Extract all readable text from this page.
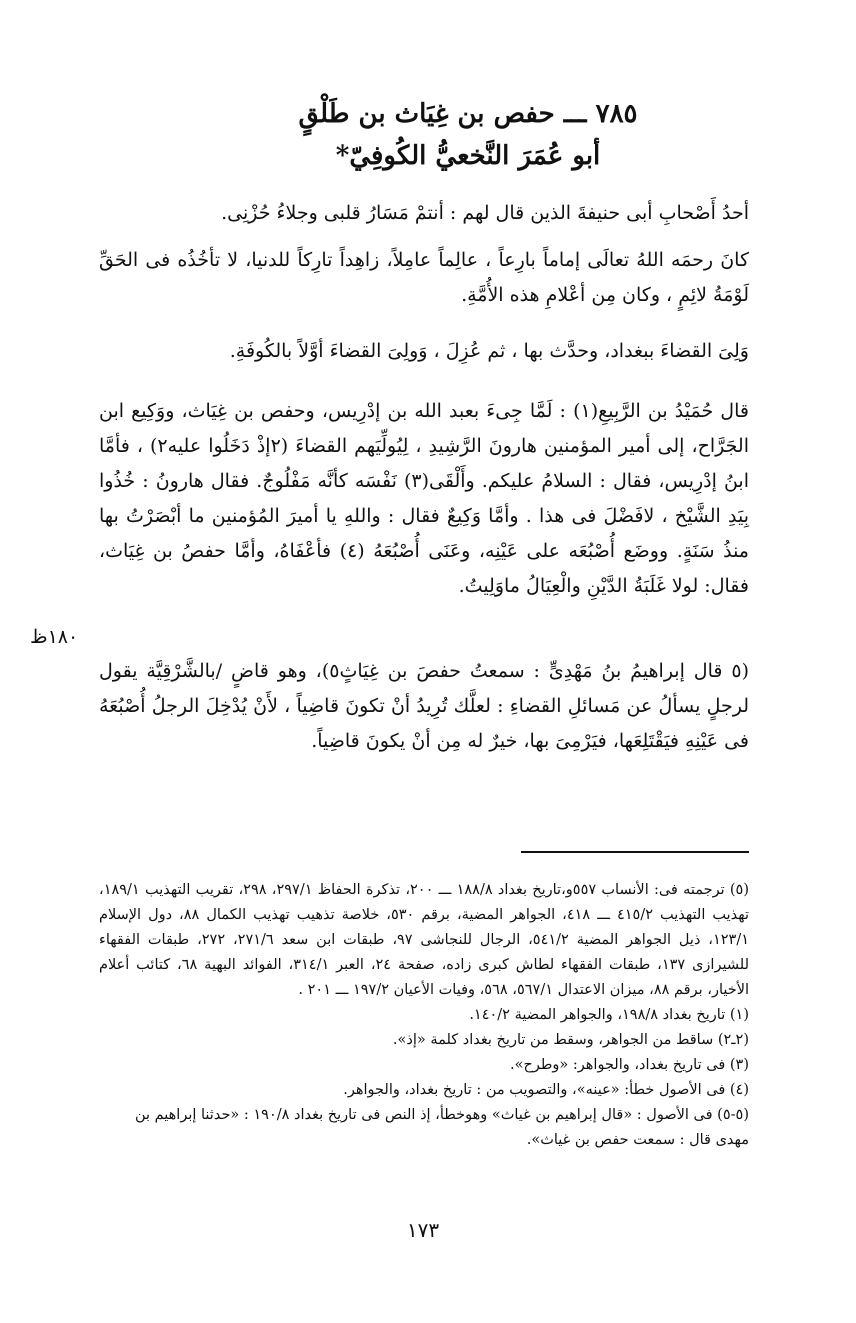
٧٨٥ ـــ حفص بن غِيَاث بن طَلْقٍ
أبو عُمَرَ النَّخعيُّ الكُوفِيّ*
أحدُ أَصْحابِ أبى حنيفةَ الذين قال لهم : أنتمْ مَسَارُ قلبى وجلاءُ حُزْنِى.
كانَ رحمَه اللهُ تعالَى إماماً بارِعاً ، عالِماً عامِلاً، زاهِداً تارِكاً للدنيا، لا تأخُذُه فى الحَقِّ لَوْمَةُ لائِمٍ ، وكان مِن أعْلامِ هذه الأُمَّةِ.
وَلِىَ القضاءَ ببغداد، وحدَّث بها ، ثم عُزِلَ ، وَولِىَ القضاءَ أوَّلاً بالكُوفَةِ.
قال حُمَيْدُ بن الرَّبِيعِ(١) : لَمَّا جِىءَ بعبد الله بن إدْرِيس، وحفص بن غِيَاث، ووَكِيع ابن الجَرَّاح، إلى أمير المؤمنين هارونَ الرَّشِيدِ ، لِيُولِّيَهم القضاءَ (٢إذْ دَخَلُوا عليه٢) ، فأمَّا ابنُ إدْرِيس، فقال : السلامُ عليكم. وأَلْقَى(٣) نَفْسَه كأنَّه مَفْلُوجٌ. فقال هارونُ : خُذُوا بِيَدِ الشَّيْخ ، لافَضْلَ فى هذا . وأمَّا وَكِيعٌ فقال : واللهِ يا أميرَ المُؤمنين ما أبْصَرْتُ بها منذُ سَنَةٍ. ووضَع أُصْبُعَه على عَيْنِه، وعَنَى أُصْبُعَهُ (٤) فأعْفَاهُ، وأمَّا حفصُ بن غِيَاث، فقال: لولا غَلَبَةُ الدَّيْنِ والْعِيَالُ ماوَلِيتُ.
(٥ قال إبراهيمُ بنُ مَهْدِىٍّ : سمعتُ حفصَ بن غِيَاثٍ٥)، وهو قاضٍ /بالشَّرْقِيَّة يقول لرجلٍ يسألُ عن مَسائلِ القضاءِ : لعلَّك تُرِيدُ أنْ تكونَ قاضِياً ، لأَنْ يُدْخِلَ الرجلُ أُصْبُعَهُ فى عَيْنِهِ فيَقْتَلِعَها، فيَرْمِىَ بها، خيرٌ له مِن أنْ يكونَ قاضِياً.
١٨٠ظ

(٥) ترجمته فى: الأنساب ٥٥٧و،تاريخ بغداد ١٨٨/٨ ـــ ٢٠٠، تذكرة الحفاظ ٢٩٧/١، ٢٩٨، تقريب التهذيب ١٨٩/١، تهذيب التهذيب ٤١٥/٢ ـــ ٤١٨، الجواهر المضية، برقم ٥٣٠، خلاصة تذهيب تهذيب الكمال ٨٨، دول الإسلام ١٢٣/١، ذيل الجواهر المضية ٥٤١/٢، الرجال للنجاشى ٩٧، طبقات ابن سعد ٢٧١/٦، ٢٧٢، طبقات الفقهاء للشيرازى ١٣٧، طبقات الفقهاء لطاش كبرى زاده، صفحة ٢٤، العبر ٣١٤/١، الفوائد البهية ٦٨، كتائب أعلام الأخيار، برقم ٨٨، ميزان الاعتدال ٥٦٧/١، ٥٦٨، وفيات الأعيان ١٩٧/٢ ـــ ٢٠١ .

(١) تاريخ بغداد ١٩٨/٨، والجواهر المضية ١٤٠/٢.

(٢ـ٢) ساقط من الجواهر، وسقط من تاريخ بغداد كلمة «إذ».

(٣) فى تاريخ بغداد، والجواهر: «وطرح».

(٤) فى الأصول خطأ: «عينه»، والتصويب من : تاريخ بغداد، والجواهر.

(٥-٥) فى الأصول : «قال إبراهيم بن غياث» وهوخطأ، إذ النص فى تاريخ بغداد ١٩٠/٨ : «حدثنا إبراهيم بن مهدى قال : سمعت حفص بن غياث».

١٧٣
